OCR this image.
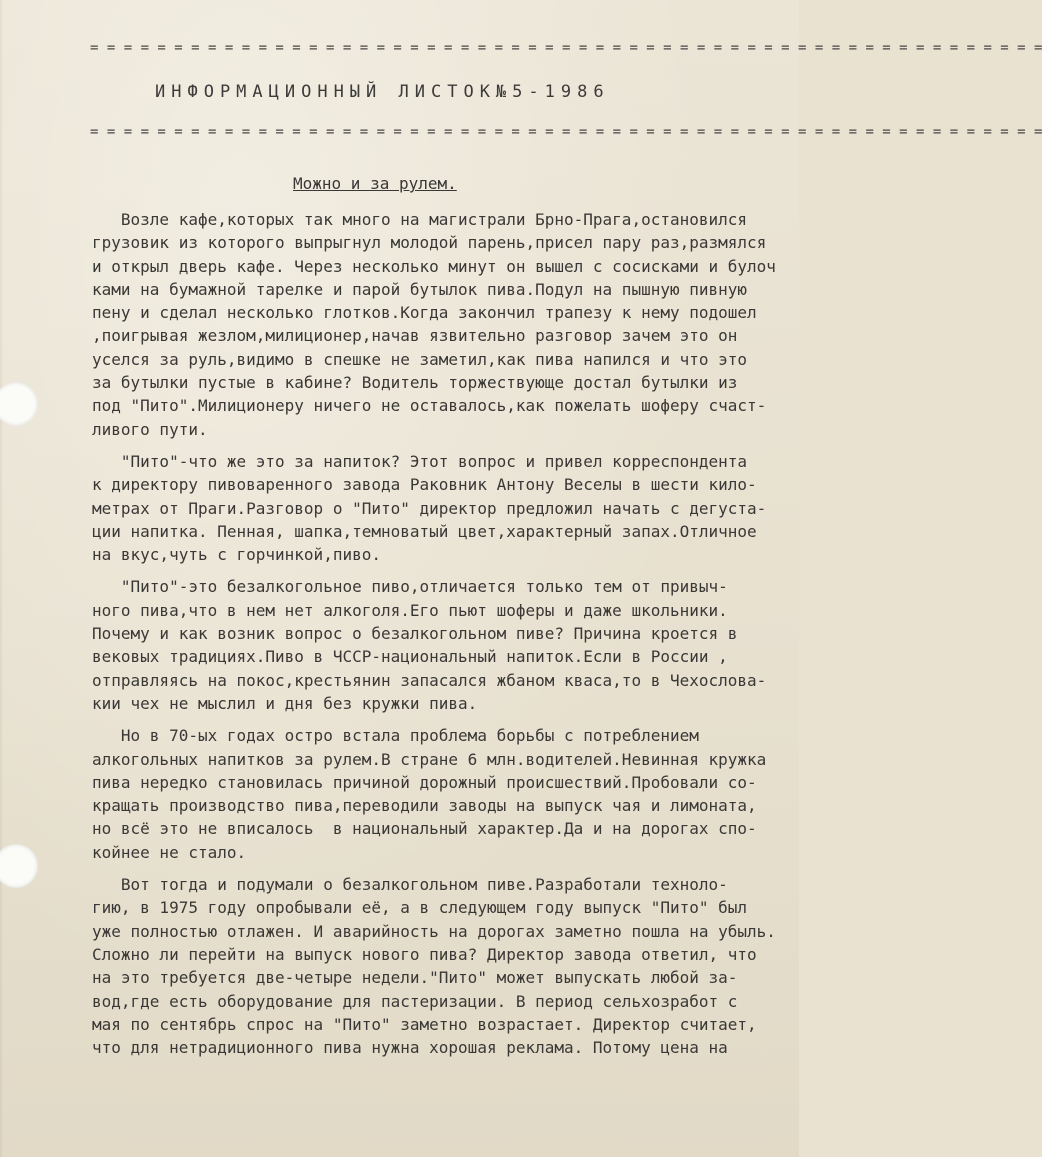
= = = = = = = = = = = = = = = = = = = = = = = = = = = = = = = = = = = = = = = = = = = = = = = = = = = = = = = = =
ИНФОРМАЦИОННЫЙ ЛИСТОК№5-1986
= = = = = = = = = = = = = = = = = = = = = = = = = = = = = = = = = = = = = = = = = = = = = = = = = = = = = = = = =
Можно и за рулем.
Возле кафе,которых так много на магистрали Брно-Прага,остановился
грузовик из которого выпрыгнул молодой парень,присел пару раз,размялся
и открыл дверь кафе. Через несколько минут он вышел с сосисками и булоч
ками на бумажной тарелке и парой бутылок пива.Подул на пышную пивную
пену и сделал несколько глотков.Когда закончил трапезу к нему подошел
,поигрывая жезлом,милиционер,начав язвительно разговор зачем это он
уселся за руль,видимо в спешке не заметил,как пива напился и что это
за бутылки пустые в кабине? Водитель торжествующе достал бутылки из
под "Пито".Милиционеру ничего не оставалось,как пожелать шоферу счаст-
ливого пути.
"Пито"-что же это за напиток? Этот вопрос и привел корреспондента
к директору пивоваренного завода Раковник Антону Веселы в шести кило-
метрах от Праги.Разговор о "Пито" директор предложил начать с дегуста-
ции напитка. Пенная, шапка,темноватый цвет,характерный запах.Отличное
на вкус,чуть с горчинкой,пиво.
"Пито"-это безалкогольное пиво,отличается только тем от привыч-
ного пива,что в нем нет алкоголя.Его пьют шоферы и даже школьники.
Почему и как возник вопрос о безалкогольном пиве? Причина кроется в
вековых традициях.Пиво в ЧССР-национальный напиток.Если в России ,
отправляясь на покос,крестьянин запасался жбаном кваса,то в Чехослова-
кии чех не мыслил и дня без кружки пива.
Но в 70-ых годах остро встала проблема борьбы с потреблением
алкогольных напитков за рулем.В стране 6 млн.водителей.Невинная кружка
пива нередко становилась причиной дорожный происшествий.Пробовали со-
кращать производство пива,переводили заводы на выпуск чая и лимоната,
но всё это не вписалось  в национальный характер.Да и на дорогах спо-
койнее не стало.
Вот тогда и подумали о безалкогольном пиве.Разработали техноло-
гию, в 1975 году опробывали её, а в следующем году выпуск "Пито" был
уже полностью отлажен. И аварийность на дорогах заметно пошла на убыль.
Сложно ли перейти на выпуск нового пива? Директор завода ответил, что
на это требуется две-четыре недели."Пито" может выпускать любой за-
вод,где есть оборудование для пастеризации. В период сельхозработ с
мая по сентябрь спрос на "Пито" заметно возрастает. Директор считает,
что для нетрадиционного пива нужна хорошая реклама. Потому цена на
